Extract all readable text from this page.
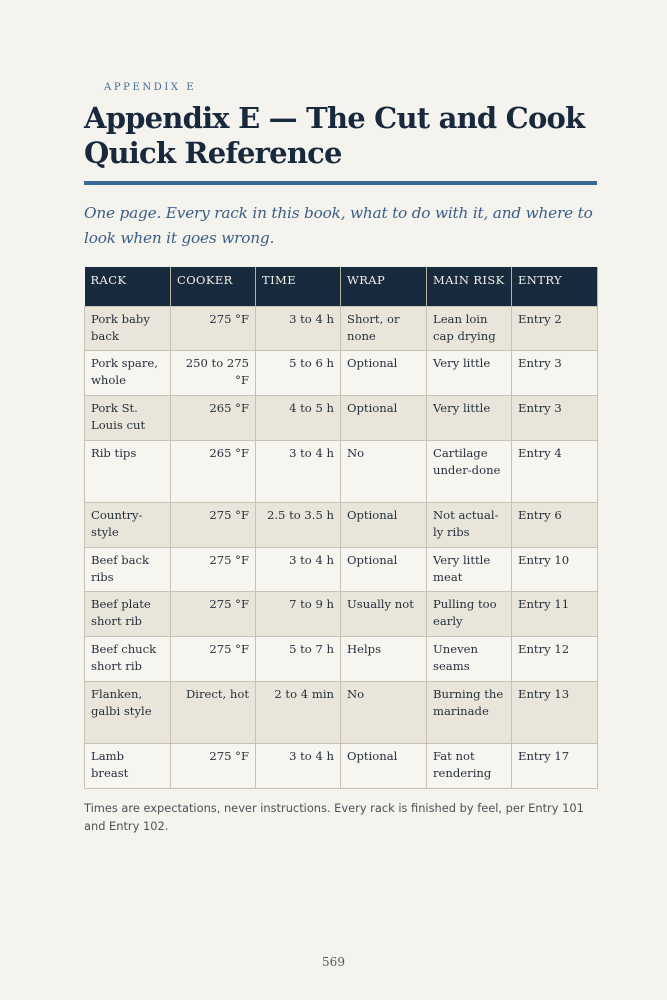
APPENDIX E
Appendix E — The Cut and Cook Quick Reference
One page. Every rack in this book, what to do with it, and where to look when it goes wrong.
RACK	COOKER	TIME	WRAP	MAIN RISK	ENTRY
Pork baby back	275 °F	3 to 4 h	Short, or none	Lean loin cap drying	Entry 2
Pork spare, whole	250 to 275 °F	5 to 6 h	Optional	Very little	Entry 3
Pork St. Louis cut	265 °F	4 to 5 h	Optional	Very little	Entry 3
Rib tips	265 °F	3 to 4 h	No	Cartilage under-done	Entry 4
Country-style	275 °F	2.5 to 3.5 h	Optional	Not actual-ly ribs	Entry 6
Beef back ribs	275 °F	3 to 4 h	Optional	Very little meat	Entry 10
Beef plate short rib	275 °F	7 to 9 h	Usually not	Pulling too early	Entry 11
Beef chuck short rib	275 °F	5 to 7 h	Helps	Uneven seams	Entry 12
Flanken, galbi style	Direct, hot	2 to 4 min	No	Burning the marinade	Entry 13
Lamb breast	275 °F	3 to 4 h	Optional	Fat not rendering	Entry 17
Times are expectations, never instructions. Every rack is finished by feel, per Entry 101 and Entry 102.
569
